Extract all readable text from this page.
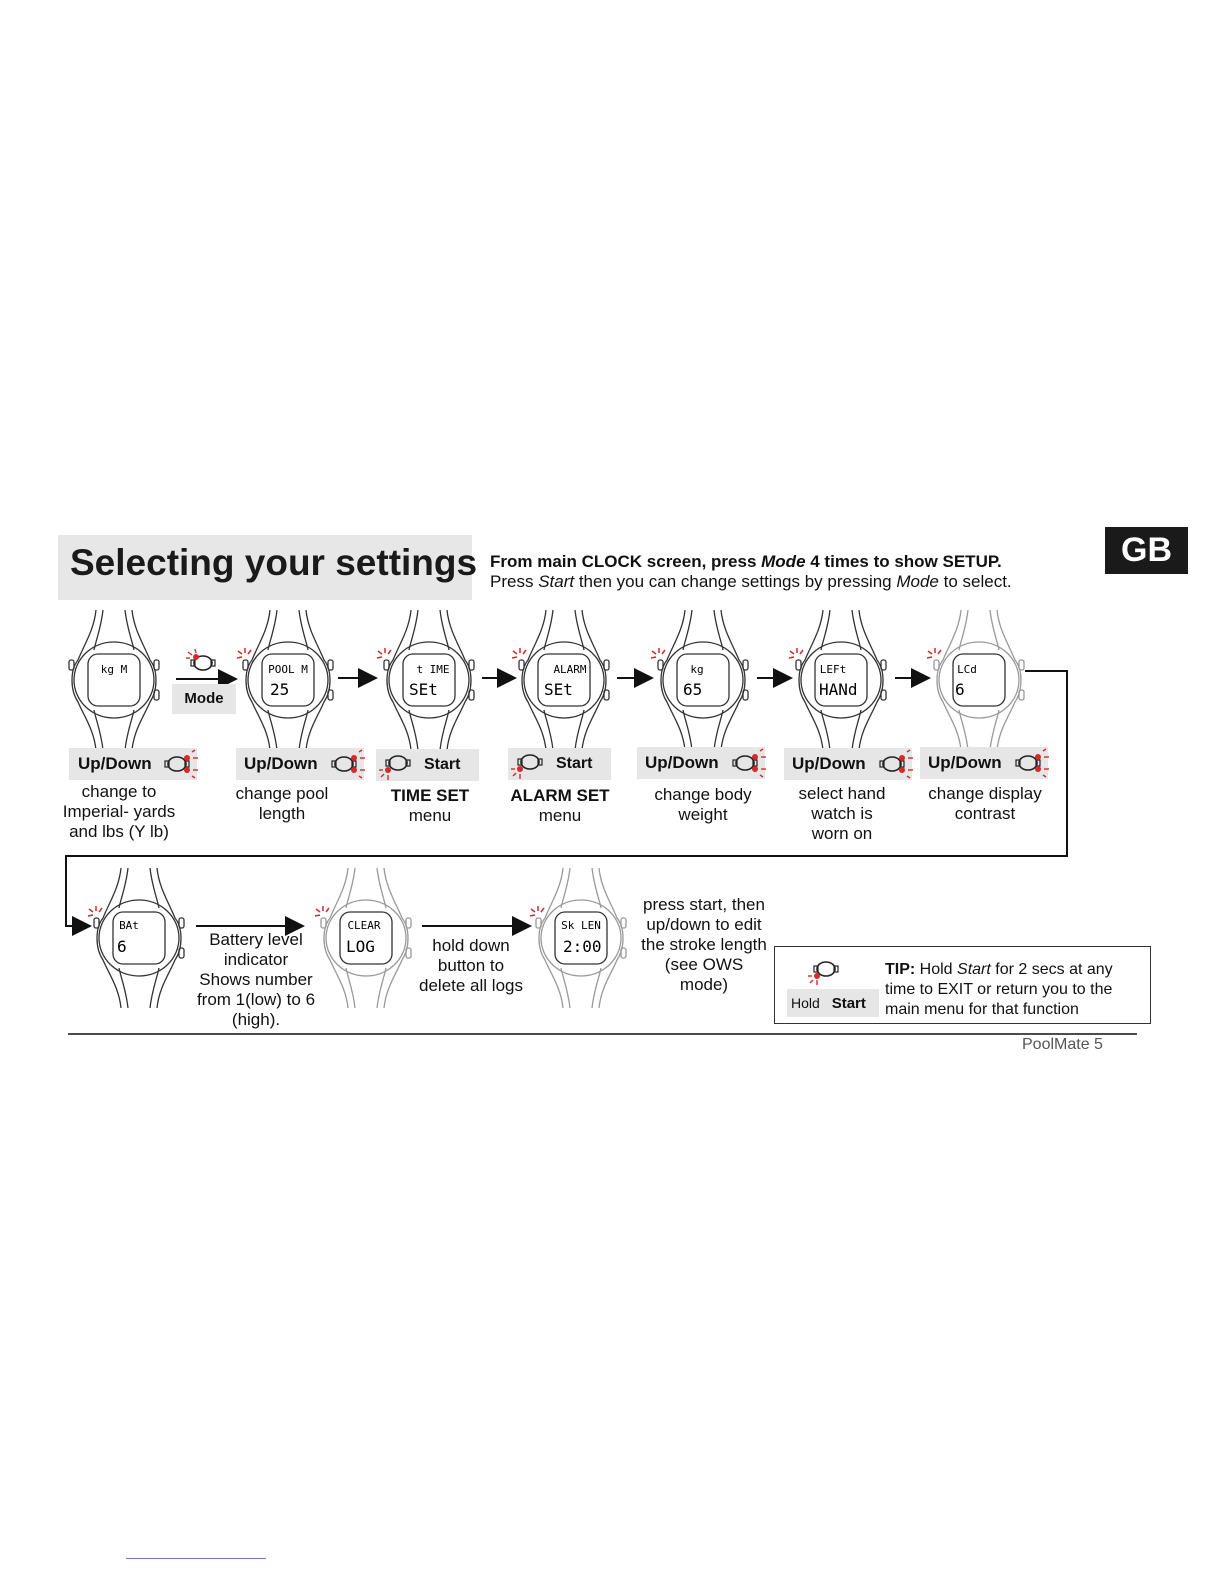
Selecting your settings From main CLOCK screen, press Mode 4 times to show SETUP.
Press Start then you can change settings by pressing Mode to select.
GB
kg M	POOL M
25
t IME
SEt
ALARM
SEt
kg
65
LEFt
HANd
LCd
6
BAt
6
CLEAR
LOG
Sk LEN
2:00
Mode
Up/Down	Up/Down	Start	Start	Up/Down	Up/Down	Up/Down
change to
Imperial- yards
and lbs (Y lb)
change pool
length
TIME SET
menu
ALARM SET
menu
change body
weight
select hand
watch is
worn on
change display
contrast
Battery level
indicator
Shows number
from 1(low) to 6
(high).
hold down
button to
delete all logs
press start, then
up/down to edit
the stroke length
(see OWS
mode)
Hold Start
TIP: Hold Start for 2 secs at any time to EXIT or return you to the main menu for that function
PoolMate 5
